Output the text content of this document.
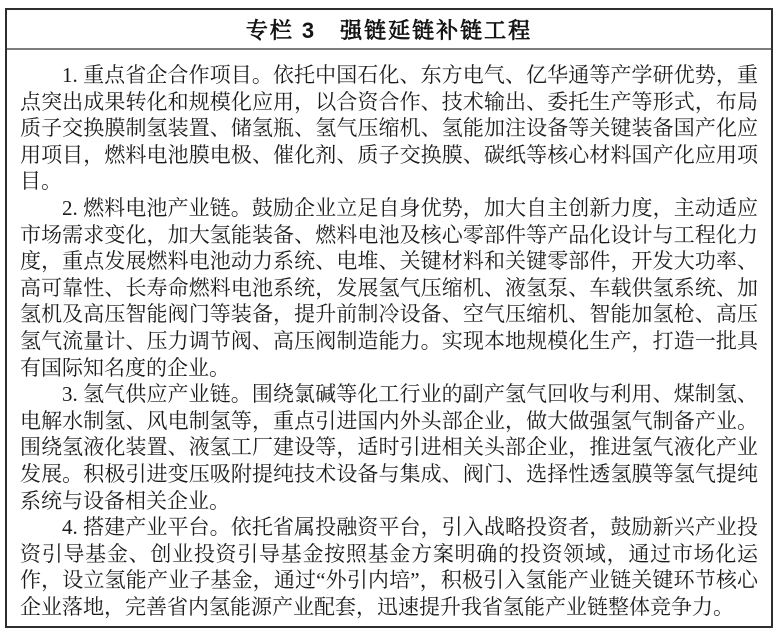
专栏 3　强链延链补链工程

1. 重点省企合作项目。依托中国石化、东方电气、亿华通等产学研优势，重点突出成果转化和规模化应用，以合资合作、技术输出、委托生产等形式，布局质子交换膜制氢装置、储氢瓶、氢气压缩机、氢能加注设备等关键装备国产化应用项目，燃料电池膜电极、催化剂、质子交换膜、碳纸等核心材料国产化应用项目。

2. 燃料电池产业链。鼓励企业立足自身优势，加大自主创新力度，主动适应市场需求变化，加大氢能装备、燃料电池及核心零部件等产品化设计与工程化力度，重点发展燃料电池动力系统、电堆、关键材料和关键零部件，开发大功率、高可靠性、长寿命燃料电池系统，发展氢气压缩机、液氢泵、车载供氢系统、加氢机及高压智能阀门等装备，提升前制冷设备、空气压缩机、智能加氢枪、高压氢气流量计、压力调节阀、高压阀制造能力。实现本地规模化生产，打造一批具有国际知名度的企业。

3. 氢气供应产业链。围绕氯碱等化工行业的副产氢气回收与利用、煤制氢、电解水制氢、风电制氢等，重点引进国内外头部企业，做大做强氢气制备产业。围绕氢液化装置、液氢工厂建设等，适时引进相关头部企业，推进氢气液化产业发展。积极引进变压吸附提纯技术设备与集成、阀门、选择性透氢膜等氢气提纯系统与设备相关企业。

4. 搭建产业平台。依托省属投融资平台，引入战略投资者，鼓励新兴产业投资引导基金、创业投资引导基金按照基金方案明确的投资领域，通过市场化运作，设立氢能产业子基金，通过“外引内培”，积极引入氢能产业链关键环节核心企业落地，完善省内氢能源产业配套，迅速提升我省氢能产业链整体竞争力。
